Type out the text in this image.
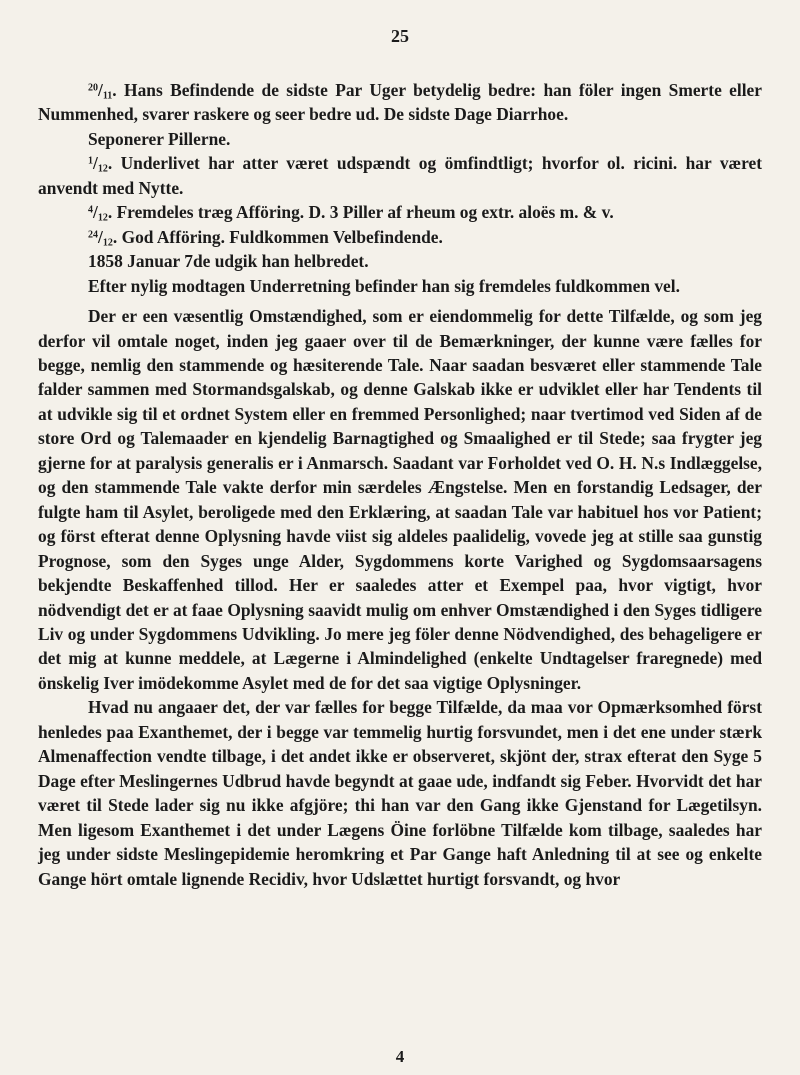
25

$^{20}/_{11}$. Hans Befindende de sidste Par Uger betydelig bedre: han föler ingen Smerte eller Nummenhed, svarer raskere og seer bedre ud. De sidste Dage Diarrhoe.

Seponerer Pillerne.

$^1/_{12}$. Underlivet har atter været udspændt og ömfindtligt; hvorfor ol. ricini. har været anvendt med Nytte.

$^4/_{12}$. Fremdeles træg Afföring. D. 3 Piller af rheum og extr. aloës m. & v.

$^{24}/_{12}$. God Afföring. Fuldkommen Velbefindende.

1858 Januar 7de udgik han helbredet.

Efter nylig modtagen Underretning befinder han sig fremdeles fuldkommen vel.

Der er een væsentlig Omstændighed, som er eiendommelig for dette Tilfælde, og som jeg derfor vil omtale noget, inden jeg gaaer over til de Bemærkninger, der kunne være fælles for begge, nemlig den stammende og hæsiterende Tale. Naar saadan besværet eller stammende Tale falder sammen med Stormandsgalskab, og denne Galskab ikke er udviklet eller har Tendents til at udvikle sig til et ordnet System eller en fremmed Personlighed; naar tvertimod ved Siden af de store Ord og Talemaader en kjendelig Barnagtighed og Smaalighed er til Stede; saa frygter jeg gjerne for at paralysis generalis er i Anmarsch. Saadant var Forholdet ved O. H. N.s Indlæggelse, og den stammende Tale vakte derfor min særdeles Ængstelse. Men en forstandig Ledsager, der fulgte ham til Asylet, beroligede med den Erklæring, at saadan Tale var habituel hos vor Patient; og först efterat denne Oplysning havde viist sig aldeles paalidelig, vovede jeg at stille saa gunstig Prognose, som den Syges unge Alder, Sygdommens korte Varighed og Sygdomsaarsagens bekjendte Beskaffenhed tillod. Her er saaledes atter et Exempel paa, hvor vigtigt, hvor nödvendigt det er at faae Oplysning saavidt mulig om enhver Omstændighed i den Syges tidligere Liv og under Sygdommens Udvikling. Jo mere jeg föler denne Nödvendighed, des behageligere er det mig at kunne meddele, at Lægerne i Almindelighed (enkelte Undtagelser fraregnede) med önskelig Iver imödekomme Asylet med de for det saa vigtige Oplysninger.

Hvad nu angaaer det, der var fælles for begge Tilfælde, da maa vor Opmærksomhed först henledes paa Exanthemet, der i begge var temmelig hurtig forsvundet, men i det ene under stærk Almenaffection vendte tilbage, i det andet ikke er observeret, skjönt der, strax efterat den Syge 5 Dage efter Meslingernes Udbrud havde begyndt at gaae ude, indfandt sig Feber. Hvorvidt det har været til Stede lader sig nu ikke afgjöre; thi han var den Gang ikke Gjenstand for Lægetilsyn. Men ligesom Exanthemet i det under Lægens Öine forlöbne Tilfælde kom tilbage, saaledes har jeg under sidste Meslingepidemie heromkring et Par Gange haft Anledning til at see og enkelte Gange hört omtale lignende Recidiv, hvor Udslættet hurtigt forsvandt, og hvor

4
